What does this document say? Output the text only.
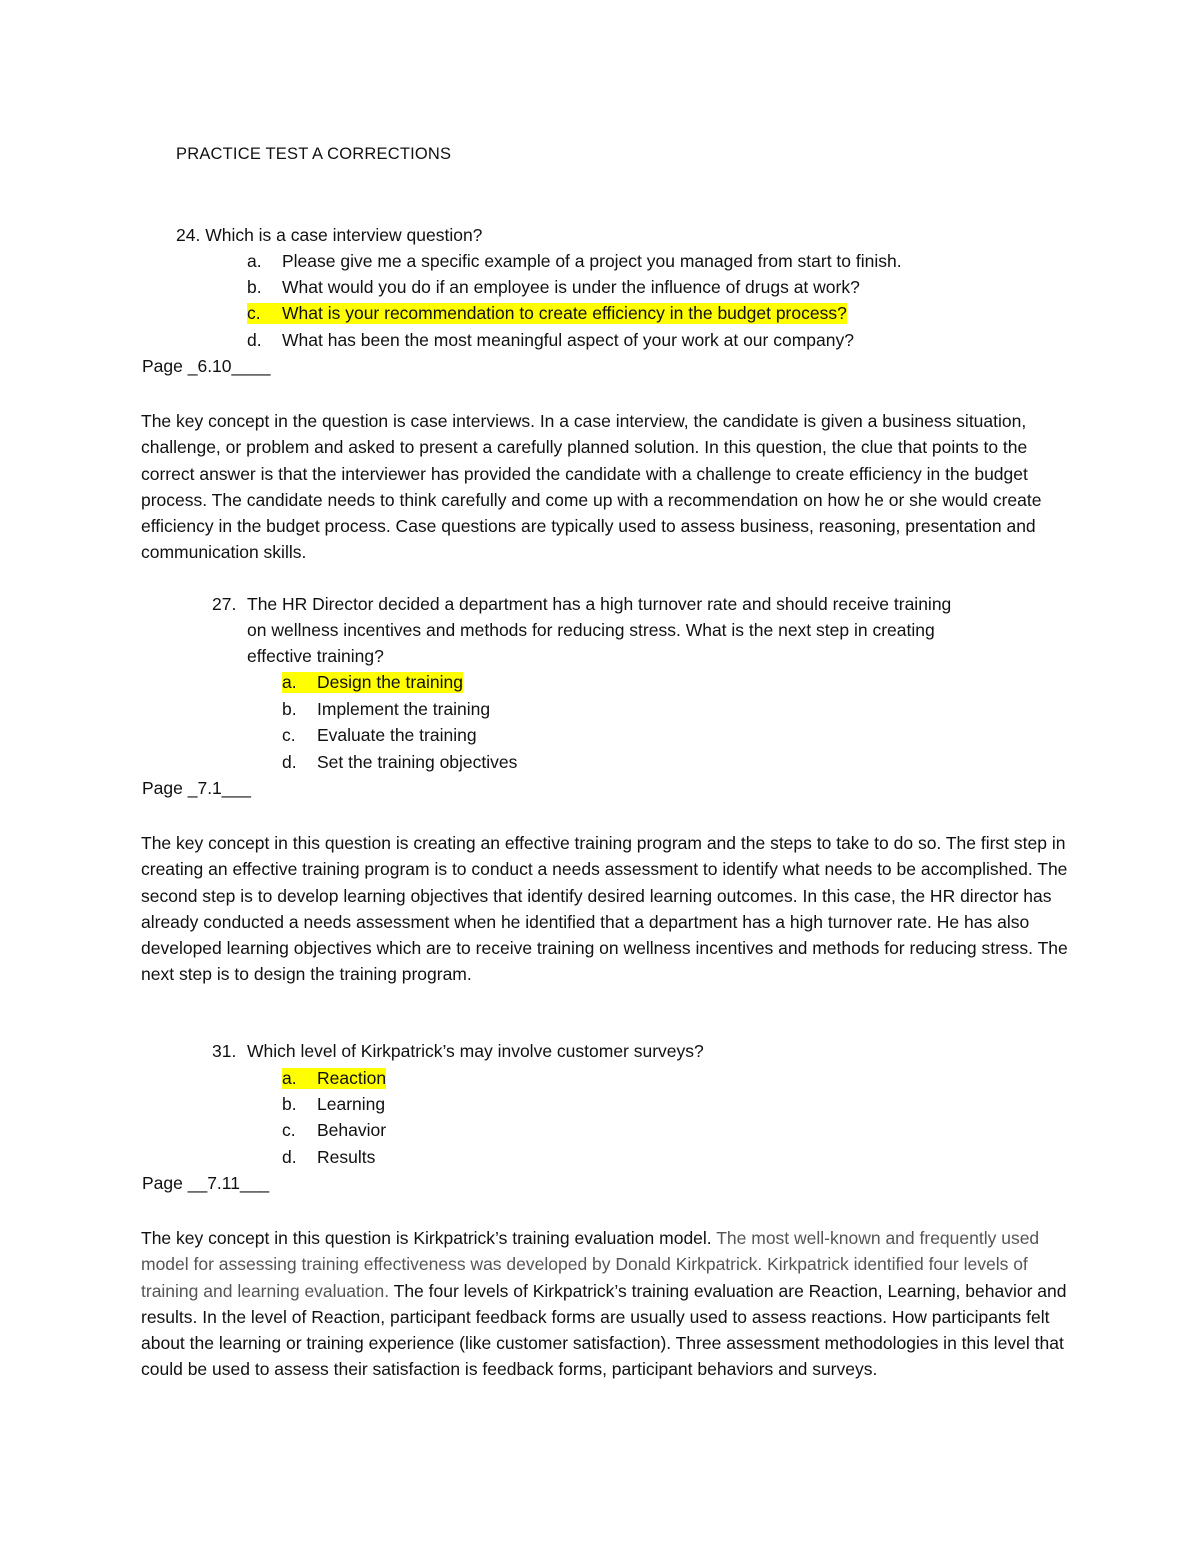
PRACTICE TEST A CORRECTIONS
24. Which is a case interview question?
a. Please give me a specific example of a project you managed from start to finish.
b. What would you do if an employee is under the influence of drugs at work?
c. What is your recommendation to create efficiency in the budget process?
d. What has been the most meaningful aspect of your work at our company?
Page _6.10____

The key concept in the question is case interviews. In a case interview, the candidate is given a business situation, challenge, or problem and asked to present a carefully planned solution. In this question, the clue that points to the correct answer is that the interviewer has provided the candidate with a challenge to create efficiency in the budget process. The candidate needs to think carefully and come up with a recommendation on how he or she would create efficiency in the budget process. Case questions are typically used to assess business, reasoning, presentation and communication skills.

27. The HR Director decided a department has a high turnover rate and should receive training
on wellness incentives and methods for reducing stress. What is the next step in creating
effective training?
a. Design the training
b. Implement the training
c. Evaluate the training
d. Set the training objectives
Page _7.1___

The key concept in this question is creating an effective training program and the steps to take to do so. The first step in creating an effective training program is to conduct a needs assessment to identify what needs to be accomplished. The second step is to develop learning objectives that identify desired learning outcomes. In this case, the HR director has already conducted a needs assessment when he identified that a department has a high turnover rate. He has also developed learning objectives which are to receive training on wellness incentives and methods for reducing stress. The next step is to design the training program.

31. Which level of Kirkpatrick’s may involve customer surveys?
a. Reaction
b. Learning
c. Behavior
d. Results
Page __7.11___

The key concept in this question is Kirkpatrick’s training evaluation model. The most well-known and frequently used model for assessing training effectiveness was developed by Donald Kirkpatrick. Kirkpatrick identified four levels of training and learning evaluation. The four levels of Kirkpatrick’s training evaluation are Reaction, Learning, behavior and results. In the level of Reaction, participant feedback forms are usually used to assess reactions. How participants felt about the learning or training experience (like customer satisfaction). Three assessment methodologies in this level that could be used to assess their satisfaction is feedback forms, participant behaviors and surveys.
